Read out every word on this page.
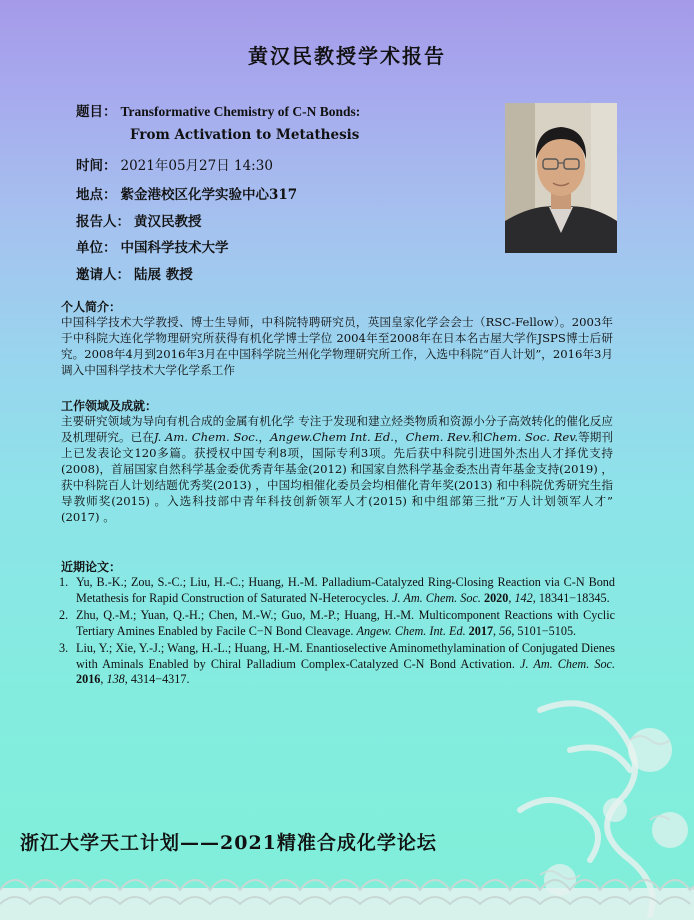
黄汉民教授学术报告
题目： Transformative Chemistry of C-N Bonds:
From Activation to Metathesis
时间： 2021年05月27日 14:30
地点： 紫金港校区化学实验中心317
报告人： 黄汉民教授
单位： 中国科学技术大学
邀请人： 陆展 教授
个人简介：
中国科学技术大学教授、博士生导师，中科院特聘研究员，英国皇家化学会会士（RSC-Fellow）。2003年于中科院大连化学物理研究所获得有机化学博士学位 2004年至2008年在日本名古屋大学作JSPS博士后研究。2008年4月到2016年3月在中国科学院兰州化学物理研究所工作，入选中科院“百人计划”，2016年3月调入中国科学技术大学化学系工作
工作领域及成就：
主要研究领域为导向有机合成的金属有机化学 专注于发现和建立烃类物质和资源小分子高效转化的催化反应及机理研究。已在J. Am. Chem. Soc.，Angew.Chem Int. Ed.，Chem. Rev.和Chem. Soc. Rev.等期刊上已发表论文120多篇。获授权中国专利8项，国际专利3项。先后获中科院引进国外杰出人才择优支持(2008)，首届国家自然科学基金委优秀青年基金(2012) 和国家自然科学基金委杰出青年基金支持(2019) ，获中科院百人计划结题优秀奖(2013) ，中国均相催化委员会均相催化青年奖(2013) 和中科院优秀研究生指导教师奖(2015) 。入选科技部中青年科技创新领军人才(2015) 和中组部第三批“万人计划领军人才” (2017) 。
近期论文：
1. Yu, B.-K.; Zou, S.-C.; Liu, H.-C.; Huang, H.-M. Palladium-Catalyzed Ring-Closing Reaction via C-N Bond Metathesis for Rapid Construction of Saturated N-Heterocycles. J. Am. Chem. Soc. 2020, 142, 18341−18345.
2. Zhu, Q.-M.; Yuan, Q.-H.; Chen, M.-W.; Guo, M.-P.; Huang, H.-M. Multicomponent Reactions with Cyclic Tertiary Amines Enabled by Facile C−N Bond Cleavage. Angew. Chem. Int. Ed. 2017, 56, 5101−5105.
3. Liu, Y.; Xie, Y.-J.; Wang, H.-L.; Huang, H.-M. Enantioselective Aminomethylamination of Conjugated Dienes with Aminals Enabled by Chiral Palladium Complex-Catalyzed C-N Bond Activation. J. Am. Chem. Soc. 2016, 138, 4314−4317.
浙江大学天工计划——2021精准合成化学论坛
